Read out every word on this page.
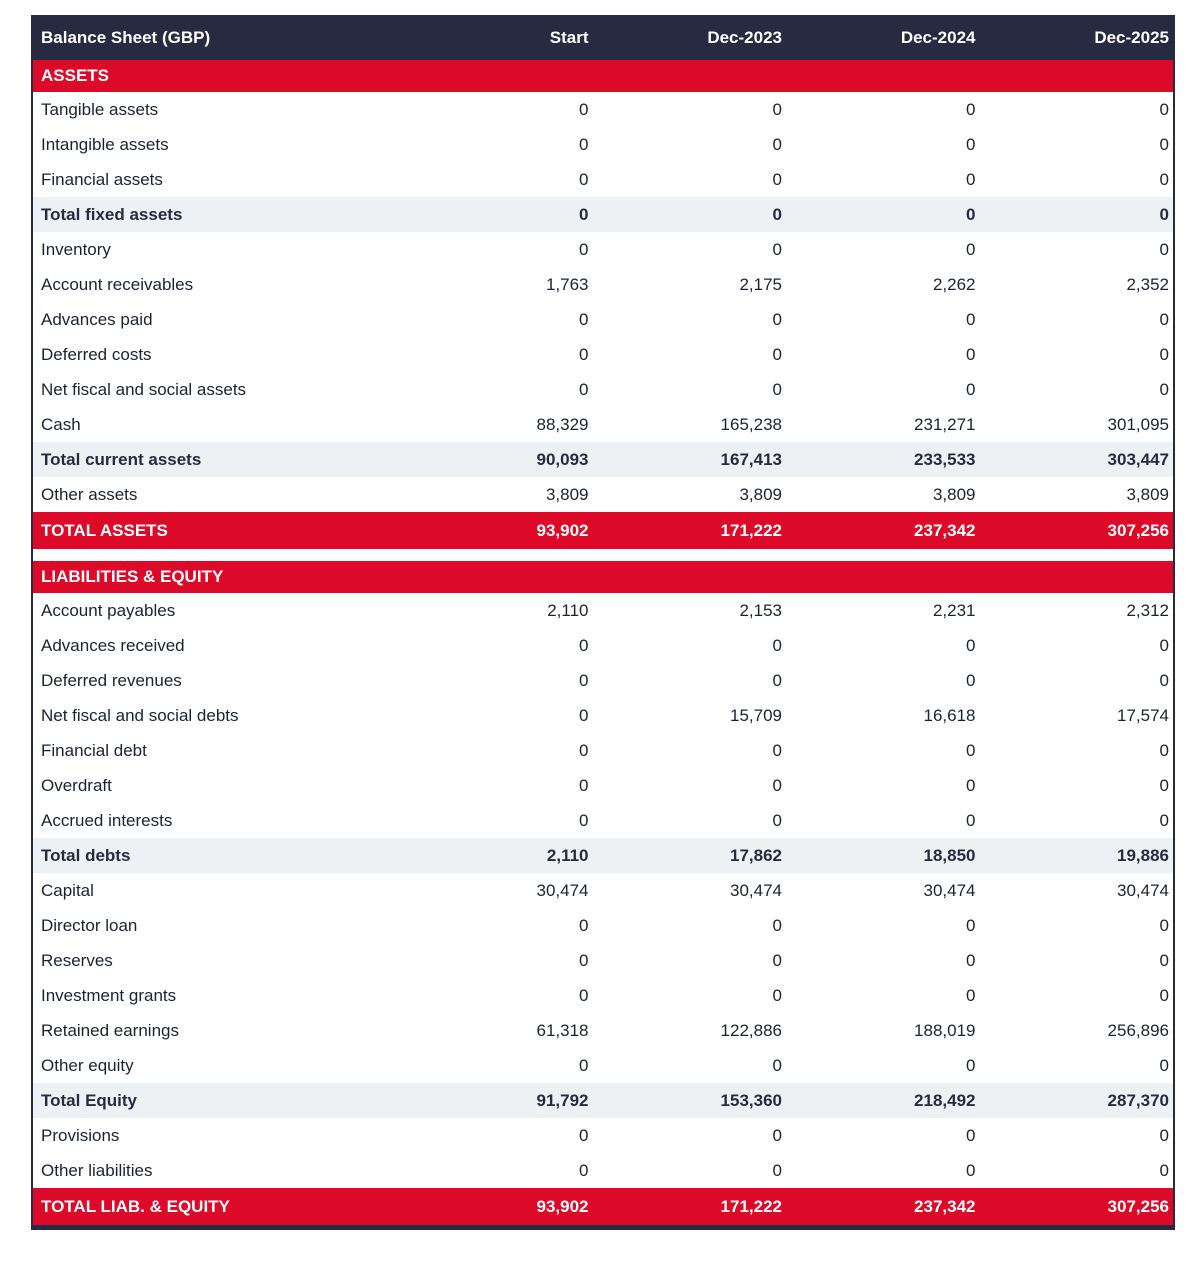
Balance Sheet (GBP)	Start	Dec-2023	Dec-2024	Dec-2025
ASSETS				
Tangible assets	0	0	0	0
Intangible assets	0	0	0	0
Financial assets	0	0	0	0
Total fixed assets	0	0	0	0
Inventory	0	0	0	0
Account receivables	1,763	2,175	2,262	2,352
Advances paid	0	0	0	0
Deferred costs	0	0	0	0
Net fiscal and social assets	0	0	0	0
Cash	88,329	165,238	231,271	301,095
Total current assets	90,093	167,413	233,533	303,447
Other assets	3,809	3,809	3,809	3,809
TOTAL ASSETS	93,902	171,222	237,342	307,256

LIABILITIES & EQUITY				
Account payables	2,110	2,153	2,231	2,312
Advances received	0	0	0	0
Deferred revenues	0	0	0	0
Net fiscal and social debts	0	15,709	16,618	17,574
Financial debt	0	0	0	0
Overdraft	0	0	0	0
Accrued interests	0	0	0	0
Total debts	2,110	17,862	18,850	19,886
Capital	30,474	30,474	30,474	30,474
Director loan	0	0	0	0
Reserves	0	0	0	0
Investment grants	0	0	0	0
Retained earnings	61,318	122,886	188,019	256,896
Other equity	0	0	0	0
Total Equity	91,792	153,360	218,492	287,370
Provisions	0	0	0	0
Other liabilities	0	0	0	0
TOTAL LIAB. & EQUITY	93,902	171,222	237,342	307,256
